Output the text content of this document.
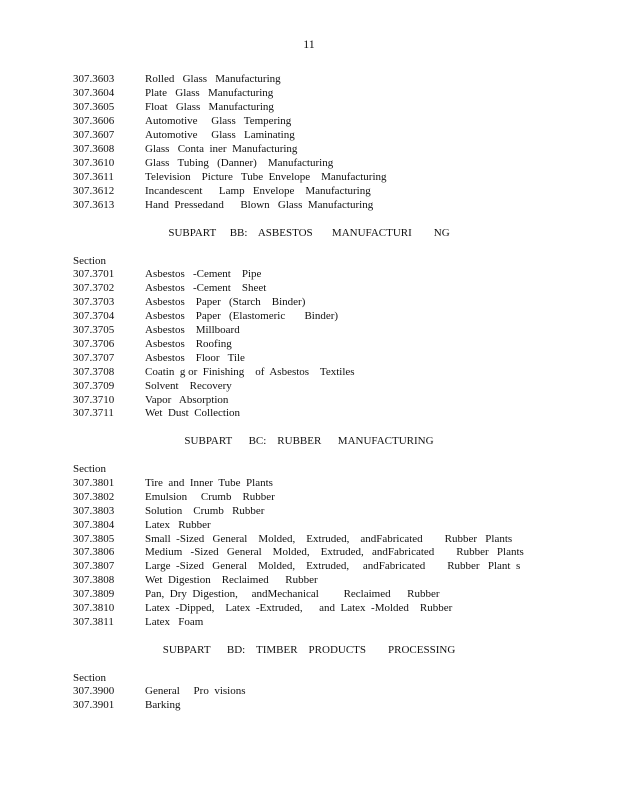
11
307.3603	Rolled   Glass   Manufacturing
307.3604	Plate   Glass   Manufacturing
307.3605	Float   Glass   Manufacturing
307.3606	Automotive     Glass   Tempering
307.3607	Automotive     Glass   Laminating
307.3608	Glass   Conta  iner  Manufacturing
307.3610	Glass   Tubing   (Danner)    Manufacturing
307.3611	Television    Picture   Tube  Envelope    Manufacturing
307.3612	Incandescent      Lamp   Envelope    Manufacturing
307.3613	Hand  Pressedand      Blown   Glass  Manufacturing
SUBPART     BB:    ASBESTOS       MANUFACTURI        NG
Section
307.3701	Asbestos   -Cement    Pipe
307.3702	Asbestos   -Cement    Sheet
307.3703	Asbestos    Paper   (Starch    Binder)
307.3704	Asbestos    Paper   (Elastomeric       Binder)
307.3705	Asbestos    Millboard
307.3706	Asbestos    Roofing
307.3707	Asbestos    Floor   Tile
307.3708	Coatin  g or  Finishing    of  Asbestos    Textiles
307.3709	Solvent    Recovery
307.3710	Vapor   Absorption
307.3711	Wet  Dust  Collection
SUBPART      BC:    RUBBER      MANUFACTURING
Section
307.3801	Tire  and  Inner  Tube  Plants
307.3802	Emulsion     Crumb    Rubber
307.3803	Solution    Crumb   Rubber
307.3804	Latex   Rubber
307.3805	Small  -Sized   General    Molded,    Extruded,    andFabricated        Rubber   Plants
307.3806	Medium   -Sized   General    Molded,    Extruded,   andFabricated        Rubber   Plants
307.3807	Large  -Sized   General    Molded,    Extruded,     andFabricated        Rubber   Plant  s
307.3808	Wet  Digestion    Reclaimed      Rubber
307.3809	Pan,  Dry  Digestion,     andMechanical         Reclaimed      Rubber
307.3810	Latex  -Dipped,    Latex  -Extruded,      and  Latex  -Molded    Rubber
307.3811	Latex   Foam
SUBPART      BD:    TIMBER    PRODUCTS        PROCESSING
Section
307.3900	General     Pro  visions
307.3901	Barking
